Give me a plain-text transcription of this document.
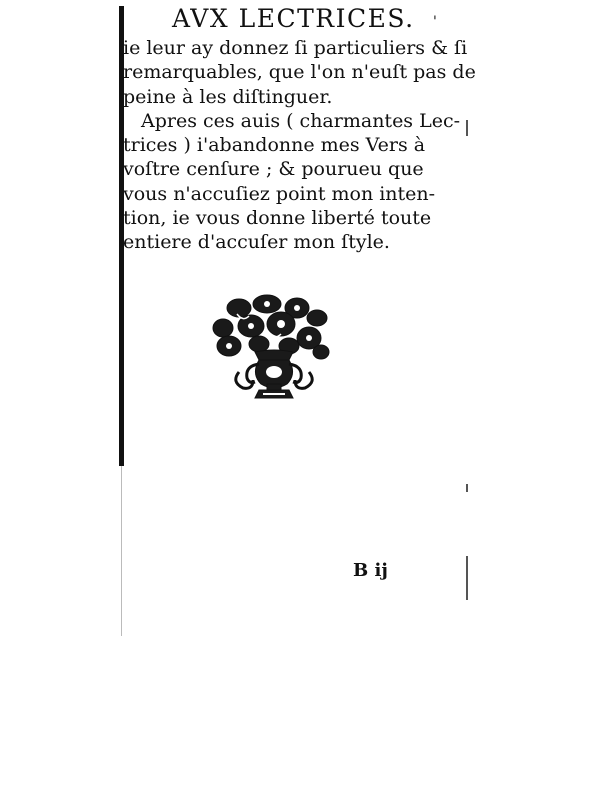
AVX LECTRICES. '
ie leur ay donnez ſi particuliers & ſi
remarquables, que l'on n'euſt pas de
peine à les diſtinguer.
Apres ces auis ( charmantes Lec-
trices ) i'abandonne mes Vers à
voſtre cenſure ; & pourueu que
vous n'accuſiez point mon inten-
tion, ie vous donne liberté toute
entiere d'accuſer mon ſtyle.
B ij
